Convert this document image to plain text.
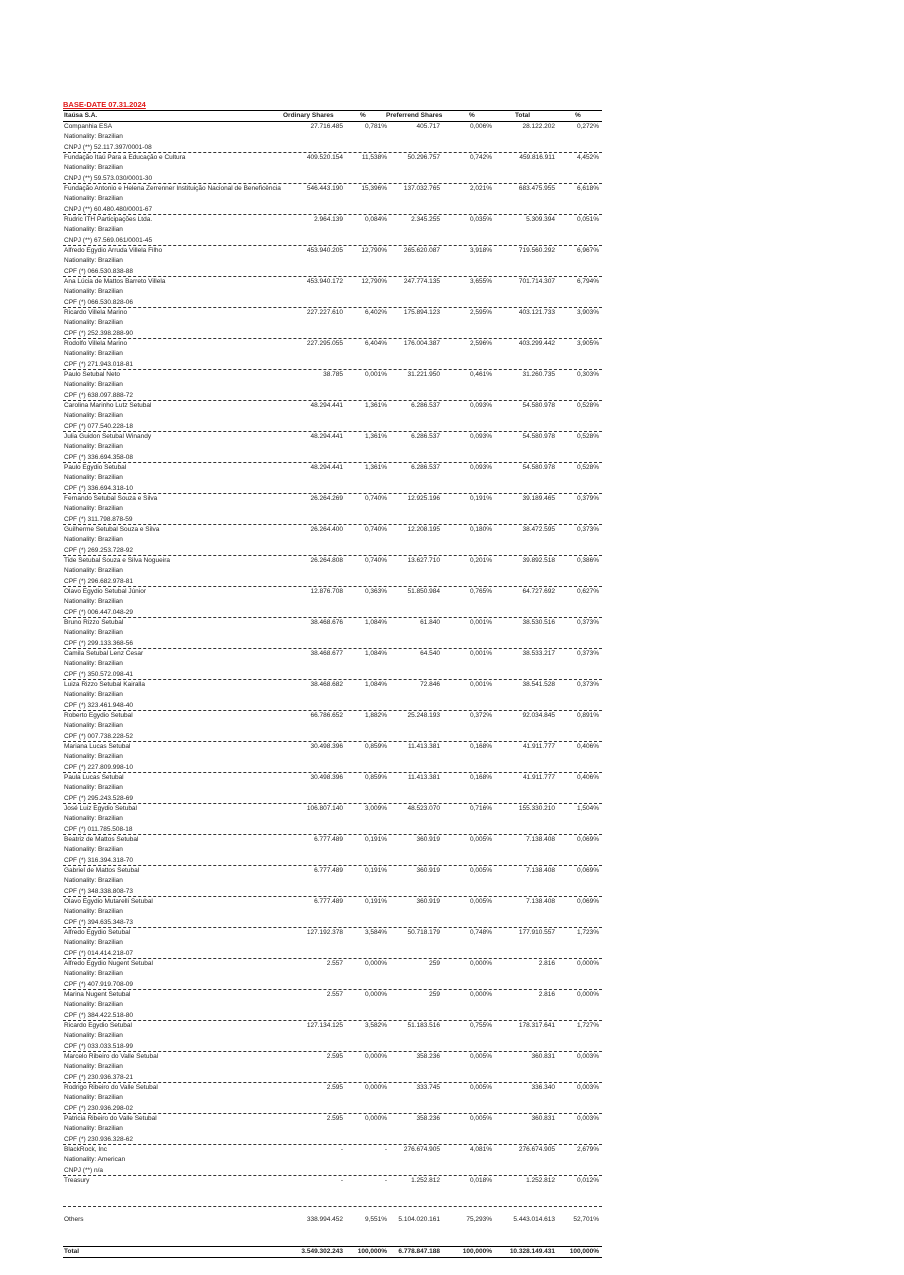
BASE-DATE 07.31.2024
Itaúsa S.A.	Ordinary Shares	%	Preferrend Shares	%	Total	%
Companhia ESA
Nationality: Brazilian
CNPJ (**) 52.117.397/0001-08
27.716.485	0,781%	405.717	0,006%	28.122.202	0,272%
Fundação Itaú Para a Educação e Cultura
Nationality: Brazilian
CNPJ (**) 59.573.030/0001-30
409.520.154	11,538%	50.296.757	0,742%	459.816.911	4,452%
Fundação Antonio e Helena Zerrenner Instituição Nacional de Beneficência
Nationality: Brazilian
CNPJ (**) 60.480.480/0001-67
546.443.190	15,396%	137.032.765	2,021%	683.475.955	6,618%
Rudric ITH Participações Ltda.
Nationality: Brazilian
CNPJ (**) 67.569.061/0001-45
2.964.139	0,084%	2.345.255	0,035%	5.309.394	0,051%
Alfredo Egydio Arruda Villela Filho
Nationality: Brazilian
CPF (*) 066.530.838-88
453.940.205	12,790%	265.620.087	3,918%	719.560.292	6,967%
Ana Lúcia de Mattos Barreto Villela
Nationality: Brazilian
CPF (*) 066.530.828-06
453.940.172	12,790%	247.774.135	3,655%	701.714.307	6,794%
Ricardo Villela Marino
Nationality: Brazilian
CPF (*) 252.398.288-90
227.227.610	6,402%	175.894.123	2,595%	403.121.733	3,903%
Rodolfo Villela Marino
Nationality: Brazilian
CPF (*) 271.943.018-81
227.295.055	6,404%	176.004.387	2,596%	403.299.442	3,905%
Paulo Setubal Neto
Nationality: Brazilian
CPF (*) 638.097.888-72
38.785	0,001%	31.221.950	0,461%	31.260.735	0,303%
Carolina Marinho Lutz Setubal
Nationality: Brazilian
CPF (*) 077.540.228-18
48.294.441	1,361%	6.286.537	0,093%	54.580.978	0,528%
Julia Guidon Setubal Winandy
Nationality: Brazilian
CPF (*) 336.694.358-08
48.294.441	1,361%	6.286.537	0,093%	54.580.978	0,528%
Paulo Egydio Setubal
Nationality: Brazilian
CPF (*) 336.694.318-10
48.294.441	1,361%	6.286.537	0,093%	54.580.978	0,528%
Fernando Setubal Souza e Silva
Nationality: Brazilian
CPF (*) 311.798.878-59
26.264.269	0,740%	12.925.196	0,191%	39.189.465	0,379%
Guilherme Setubal Souza e Silva
Nationality: Brazilian
CPF (*) 269.253.728-92
26.264.400	0,740%	12.208.195	0,180%	38.472.595	0,373%
Tide Setubal Souza e Silva Nogueira
Nationality: Brazilian
CPF (*) 296.682.978-81
26.264.808	0,740%	13.627.710	0,201%	39.892.518	0,386%
Olavo Egydio Setubal Júnior
Nationality: Brazilian
CPF (*) 006.447.048-29
12.876.708	0,363%	51.850.984	0,765%	64.727.692	0,627%
Bruno Rizzo Setubal
Nationality: Brazilian
CPF (*) 299.133.368-56
38.468.676	1,084%	61.840	0,001%	38.530.516	0,373%
Camila Setubal Lenz Cesar
Nationality: Brazilian
CPF (*) 350.572.098-41
38.468.677	1,084%	64.540	0,001%	38.533.217	0,373%
Luiza Rizzo Setubal Kairalla
Nationality: Brazilian
CPF (*) 323.461.948-40
38.468.682	1,084%	72.846	0,001%	38.541.528	0,373%
Roberto Egydio Setubal
Nationality: Brazilian
CPF (*) 007.738.228-52
66.786.652	1,882%	25.248.193	0,372%	92.034.845	0,891%
Mariana Lucas Setubal
Nationality: Brazilian
CPF (*) 227.809.998-10
30.498.396	0,859%	11.413.381	0,168%	41.911.777	0,406%
Paula Lucas Setubal
Nationality: Brazilian
CPF (*) 295.243.528-69
30.498.396	0,859%	11.413.381	0,168%	41.911.777	0,406%
José Luiz Egydio Setubal
Nationality: Brazilian
CPF (*) 011.785.508-18
106.807.140	3,009%	48.523.070	0,716%	155.330.210	1,504%
Beatriz de Mattos Setubal
Nationality: Brazilian
CPF (*) 316.394.318-70
6.777.489	0,191%	360.919	0,005%	7.138.408	0,069%
Gabriel de Mattos Setubal
Nationality: Brazilian
CPF (*) 348.338.808-73
6.777.489	0,191%	360.919	0,005%	7.138.408	0,069%
Olavo Egydio Mutarelli Setubal
Nationality: Brazilian
CPF (*) 394.635.348-73
6.777.489	0,191%	360.919	0,005%	7.138.408	0,069%
Alfredo Egydio Setubal
Nationality: Brazilian
CPF (*) 014.414.218-07
127.192.378	3,584%	50.718.179	0,748%	177.910.557	1,723%
Alfredo Egydio Nugent Setubal
Nationality: Brazilian
CPF (*) 407.919.708-09
2.557	0,000%	259	0,000%	2.816	0,000%
Marina Nugent Setubal
Nationality: Brazilian
CPF (*) 384.422.518-80
2.557	0,000%	259	0,000%	2.816	0,000%
Ricardo Egydio Setubal
Nationality: Brazilian
CPF (*) 033.033.518-99
127.134.125	3,582%	51.183.516	0,755%	178.317.641	1,727%
Marcelo Ribeiro do Valle Setubal
Nationality: Brazilian
CPF (*) 230.936.378-21
2.595	0,000%	358.236	0,005%	360.831	0,003%
Rodrigo Ribeiro do Valle Setubal
Nationality: Brazilian
CPF (*) 230.936.298-02
2.595	0,000%	333.745	0,005%	336.340	0,003%
Patricia Ribeiro do Valle Setubal
Nationality: Brazilian
CPF (*) 230.936.328-62
2.595	0,000%	358.236	0,005%	360.831	0,003%
BlackRock, Inc
Nationality: American
CNPJ (**) n/a
-	-	276.674.905	4,081%	276.674.905	2,679%
Treasury	-	-	1.252.812	0,018%	1.252.812	0,012%
Others	338.994.452	9,551% 5.104.020.161	75,293%	5.443.014.613	52,701%
Total	3.549.302.243 100,000% 6.778.847.188	100,000%	10.328.149.431 100,000%
